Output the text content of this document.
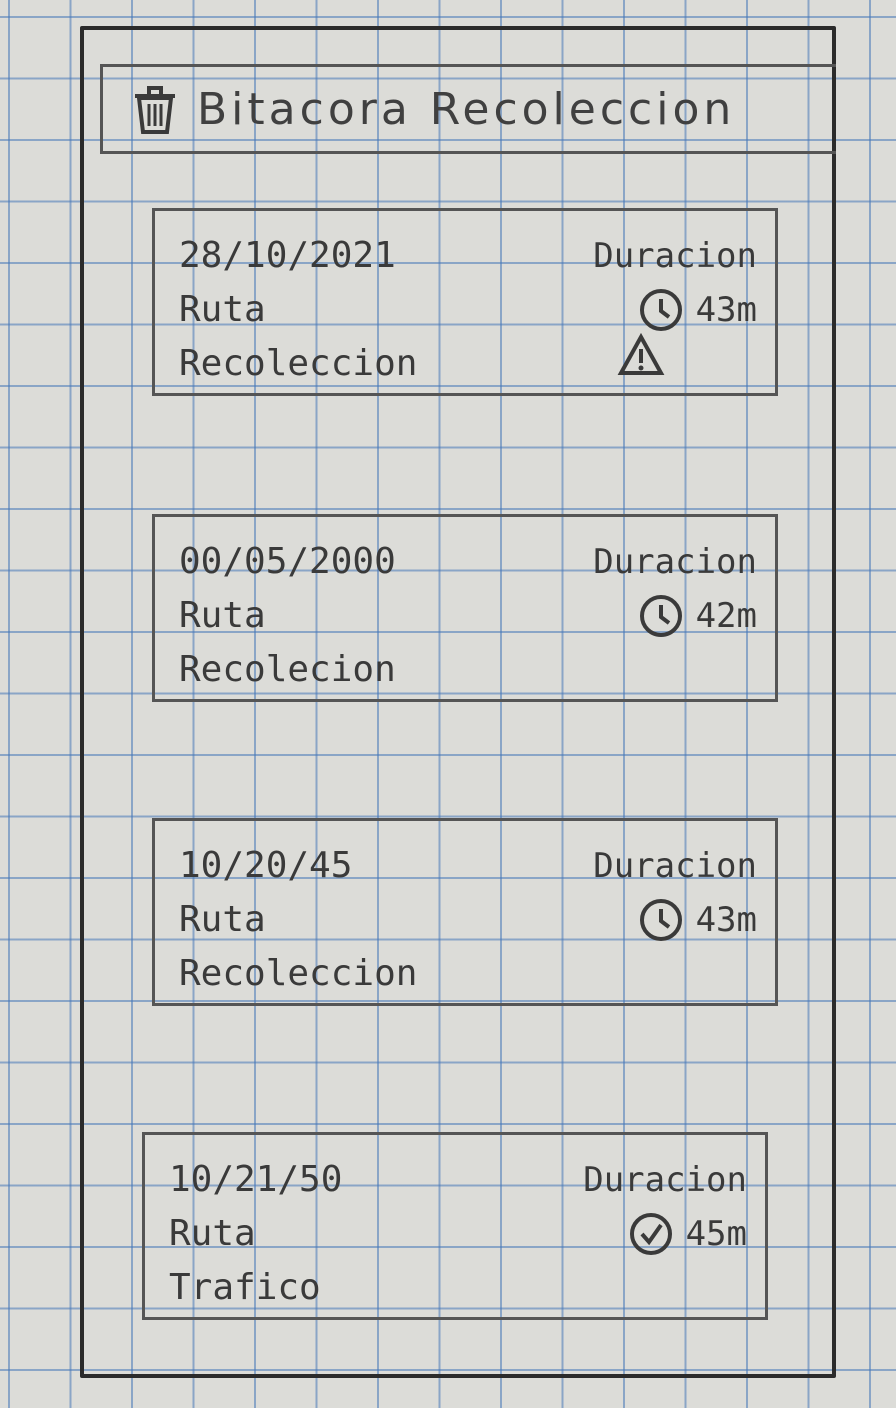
Bitacora Recoleccion
28/10/2021
Ruta
Recoleccion
Duracion
43m
00/05/2000
Ruta
Recolecion
Duracion
42m
10/20/45
Ruta
Recoleccion
Duracion
43m
10/21/50
Ruta
Trafico
Duracion
45m
